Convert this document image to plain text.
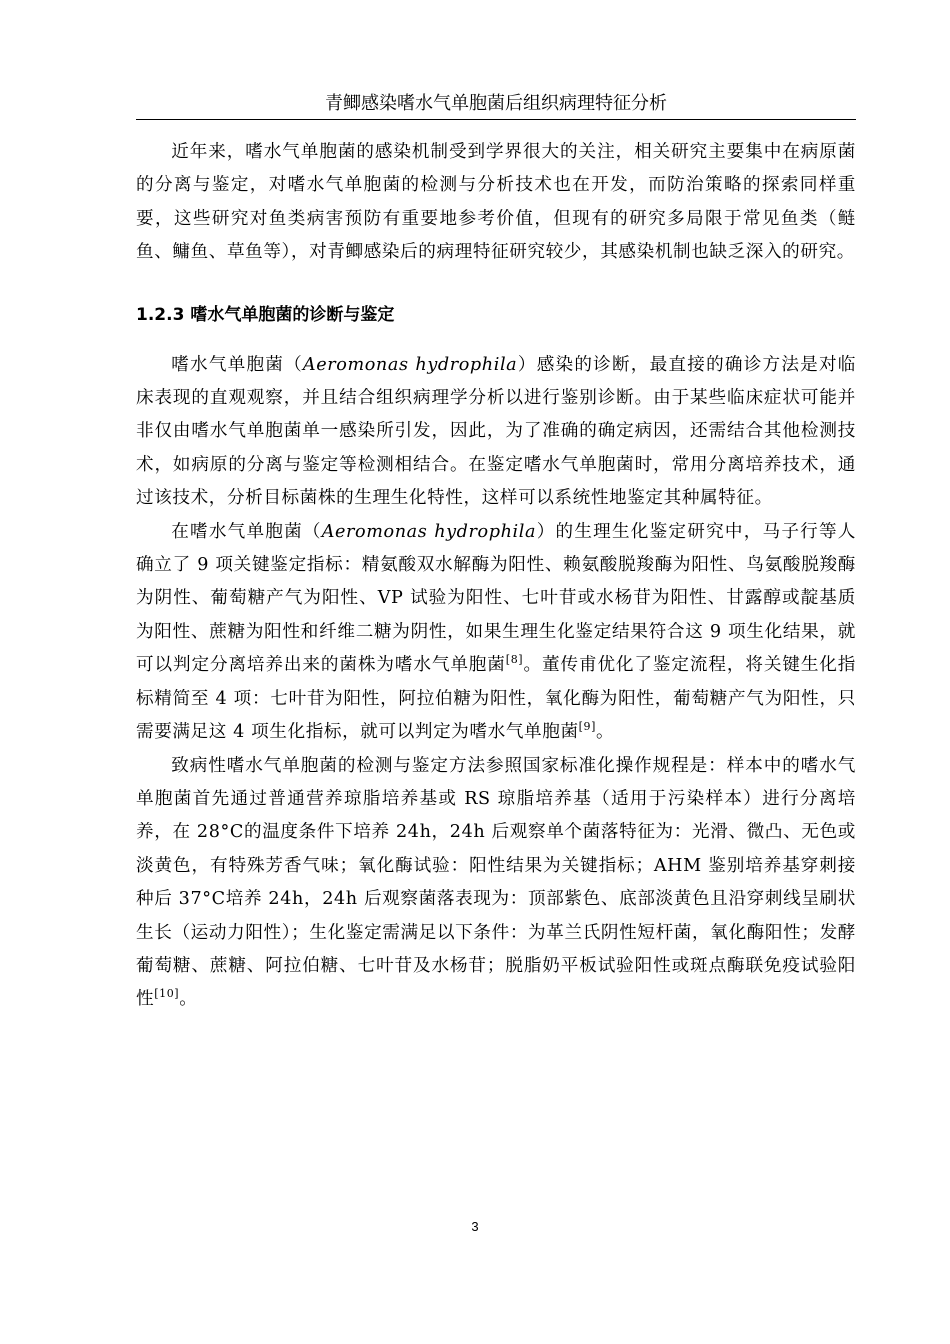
青鲫感染嗜水气单胞菌后组织病理特征分析

近年来，嗜水气单胞菌的感染机制受到学界很大的关注，相关研究主要集中在病原菌的分离与鉴定，对嗜水气单胞菌的检测与分析技术也在开发，而防治策略的探索同样重要，这些研究对鱼类病害预防有重要地参考价值，但现有的研究多局限于常见鱼类（鲢鱼、鳙鱼、草鱼等），对青鲫感染后的病理特征研究较少，其感染机制也缺乏深入的研究。

1.2.3 嗜水气单胞菌的诊断与鉴定

嗜水气单胞菌（Aeromonas hydrophila）感染的诊断，最直接的确诊方法是对临床表现的直观观察，并且结合组织病理学分析以进行鉴别诊断。由于某些临床症状可能并非仅由嗜水气单胞菌单一感染所引发，因此，为了准确的确定病因，还需结合其他检测技术，如病原的分离与鉴定等检测相结合。在鉴定嗜水气单胞菌时，常用分离培养技术，通过该技术，分析目标菌株的生理生化特性，这样可以系统性地鉴定其种属特征。

在嗜水气单胞菌（Aeromonas hydrophila）的生理生化鉴定研究中，马子行等人确立了 9 项关键鉴定指标：精氨酸双水解酶为阳性、赖氨酸脱羧酶为阳性、鸟氨酸脱羧酶为阴性、葡萄糖产气为阳性、VP 试验为阳性、七叶苷或水杨苷为阳性、甘露醇或靛基质为阳性、蔗糖为阳性和纤维二糖为阴性，如果生理生化鉴定结果符合这 9 项生化结果，就可以判定分离培养出来的菌株为嗜水气单胞菌[8]。董传甫优化了鉴定流程，将关键生化指标精简至 4 项：七叶苷为阳性，阿拉伯糖为阳性，氧化酶为阳性，葡萄糖产气为阳性，只需要满足这 4 项生化指标，就可以判定为嗜水气单胞菌[9]。

致病性嗜水气单胞菌的检测与鉴定方法参照国家标准化操作规程是：样本中的嗜水气单胞菌首先通过普通营养琼脂培养基或 RS 琼脂培养基（适用于污染样本）进行分离培养，在 28°C的温度条件下培养 24h，24h 后观察单个菌落特征为：光滑、微凸、无色或淡黄色，有特殊芳香气味；氧化酶试验：阳性结果为关键指标；AHM 鉴别培养基穿刺接种后 37°C培养 24h，24h 后观察菌落表现为：顶部紫色、底部淡黄色且沿穿刺线呈刷状生长（运动力阳性）；生化鉴定需满足以下条件：为革兰氏阴性短杆菌，氧化酶阳性；发酵葡萄糖、蔗糖、阿拉伯糖、七叶苷及水杨苷；脱脂奶平板试验阳性或斑点酶联免疫试验阳性[10]。

3
